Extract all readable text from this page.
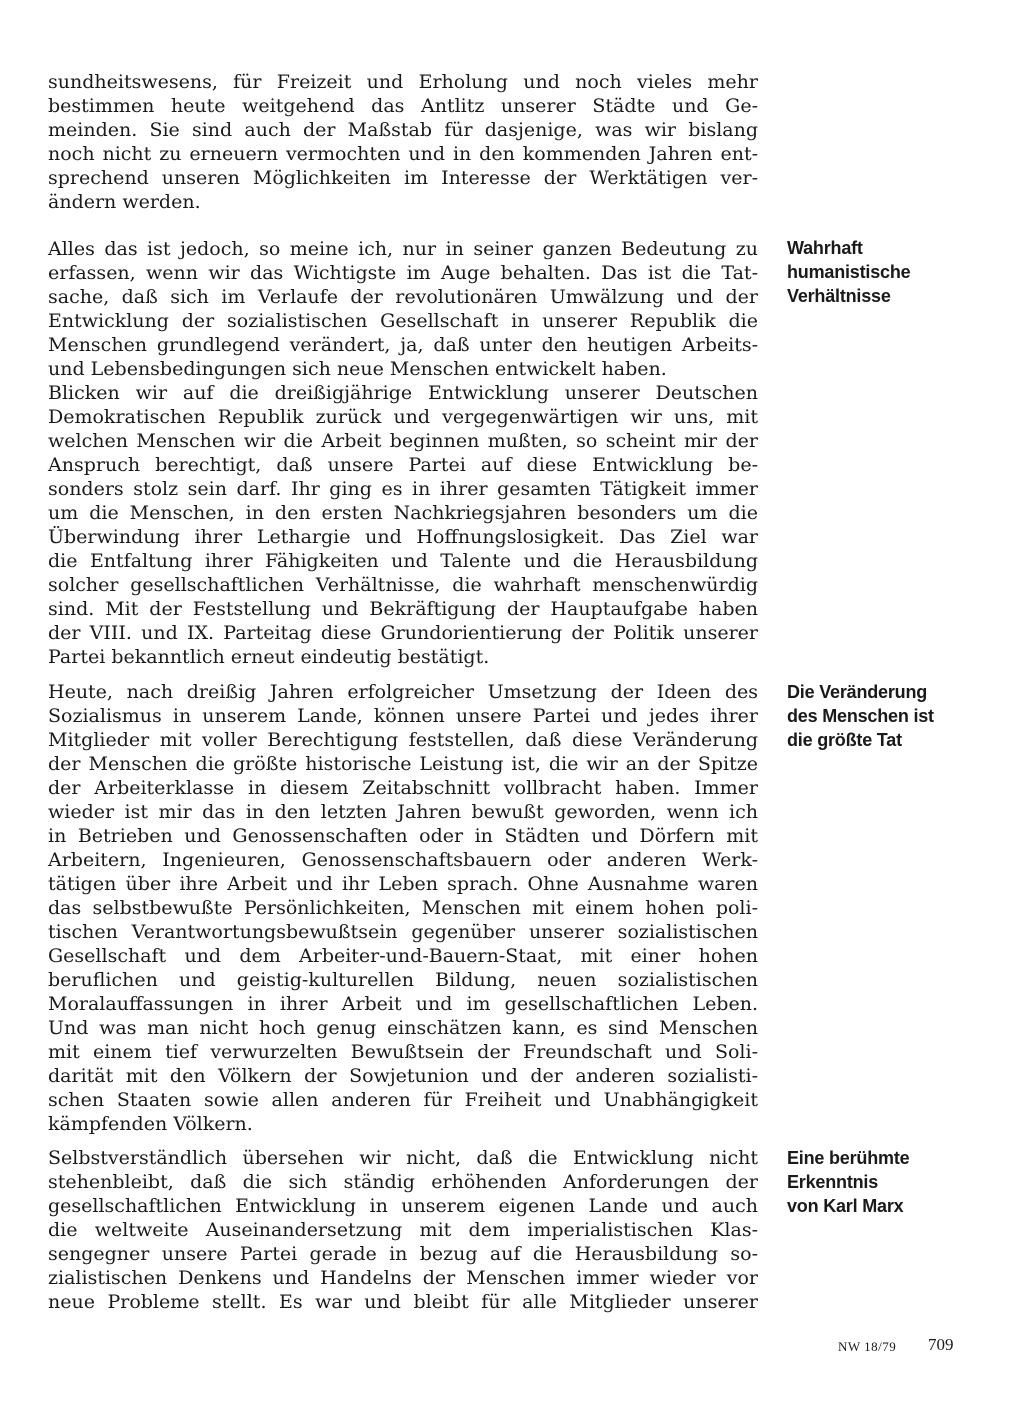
sundheitswesens, für Freizeit und Erholung und noch vieles mehr
bestimmen heute weitgehend das Antlitz unserer Städte und Ge-
meinden. Sie sind auch der Maßstab für dasjenige, was wir bislang
noch nicht zu erneuern vermochten und in den kommenden Jahren ent-
sprechend unseren Möglichkeiten im Interesse der Werktätigen ver-
ändern werden.
Alles das ist jedoch, so meine ich, nur in seiner ganzen Bedeutung zu
erfassen, wenn wir das Wichtigste im Auge behalten. Das ist die Tat-
sache, daß sich im Verlaufe der revolutionären Umwälzung und der
Entwicklung der sozialistischen Gesellschaft in unserer Republik die
Menschen grundlegend verändert, ja, daß unter den heutigen Arbeits-
und Lebensbedingungen sich neue Menschen entwickelt haben.
Blicken wir auf die dreißigjährige Entwicklung unserer Deutschen
Demokratischen Republik zurück und vergegenwärtigen wir uns, mit
welchen Menschen wir die Arbeit beginnen mußten, so scheint mir der
Anspruch berechtigt, daß unsere Partei auf diese Entwicklung be-
sonders stolz sein darf. Ihr ging es in ihrer gesamten Tätigkeit immer
um die Menschen, in den ersten Nachkriegsjahren besonders um die
Überwindung ihrer Lethargie und Hoffnungslosigkeit. Das Ziel war
die Entfaltung ihrer Fähigkeiten und Talente und die Herausbildung
solcher gesellschaftlichen Verhältnisse, die wahrhaft menschenwürdig
sind. Mit der Feststellung und Bekräftigung der Hauptaufgabe haben
der VIII. und IX. Parteitag diese Grundorientierung der Politik unserer
Partei bekanntlich erneut eindeutig bestätigt.
Heute, nach dreißig Jahren erfolgreicher Umsetzung der Ideen des
Sozialismus in unserem Lande, können unsere Partei und jedes ihrer
Mitglieder mit voller Berechtigung feststellen, daß diese Veränderung
der Menschen die größte historische Leistung ist, die wir an der Spitze
der Arbeiterklasse in diesem Zeitabschnitt vollbracht haben. Immer
wieder ist mir das in den letzten Jahren bewußt geworden, wenn ich
in Betrieben und Genossenschaften oder in Städten und Dörfern mit
Arbeitern, Ingenieuren, Genossenschaftsbauern oder anderen Werk-
tätigen über ihre Arbeit und ihr Leben sprach. Ohne Ausnahme waren
das selbstbewußte Persönlichkeiten, Menschen mit einem hohen poli-
tischen Verantwortungsbewußtsein gegenüber unserer sozialistischen
Gesellschaft und dem Arbeiter-und-Bauern-Staat, mit einer hohen
beruflichen und geistig-kulturellen Bildung, neuen sozialistischen
Moralauffassungen in ihrer Arbeit und im gesellschaftlichen Leben.
Und was man nicht hoch genug einschätzen kann, es sind Menschen
mit einem tief verwurzelten Bewußtsein der Freundschaft und Soli-
darität mit den Völkern der Sowjetunion und der anderen sozialisti-
schen Staaten sowie allen anderen für Freiheit und Unabhängigkeit
kämpfenden Völkern.
Selbstverständlich übersehen wir nicht, daß die Entwicklung nicht
stehenbleibt, daß die sich ständig erhöhenden Anforderungen der
gesellschaftlichen Entwicklung in unserem eigenen Lande und auch
die weltweite Auseinandersetzung mit dem imperialistischen Klas-
sengegner unsere Partei gerade in bezug auf die Herausbildung so-
zialistischen Denkens und Handelns der Menschen immer wieder vor
neue Probleme stellt. Es war und bleibt für alle Mitglieder unserer
Wahrhaft
humanistische
Verhältnisse
Die Veränderung
des Menschen ist
die größte Tat
Eine berühmte
Erkenntnis
von Karl Marx
NW 18/79 709
